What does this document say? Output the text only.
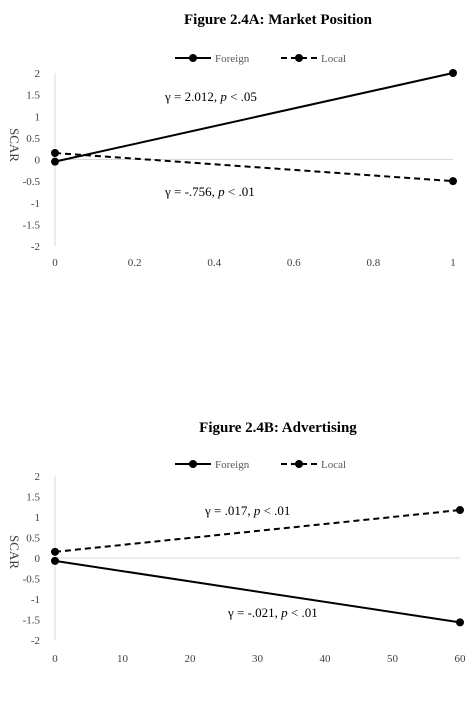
Figure 2.4A: Market Position
2
1.5
1
0.5
0
-0.5
-1
-1.5
-2
0	0.2	0.4	0.6	0.8	1
SCAR
Foreign	Local
γ = 2.012, p < .05
γ = -.756, p < .01
Figure 2.4B: Advertising
2
1.5
1
0.5
0
-0.5
-1
-1.5
-2
0	10	20	30	40	50	60
SCAR
Foreign	Local
γ = .017, p < .01
γ = -.021, p < .01
